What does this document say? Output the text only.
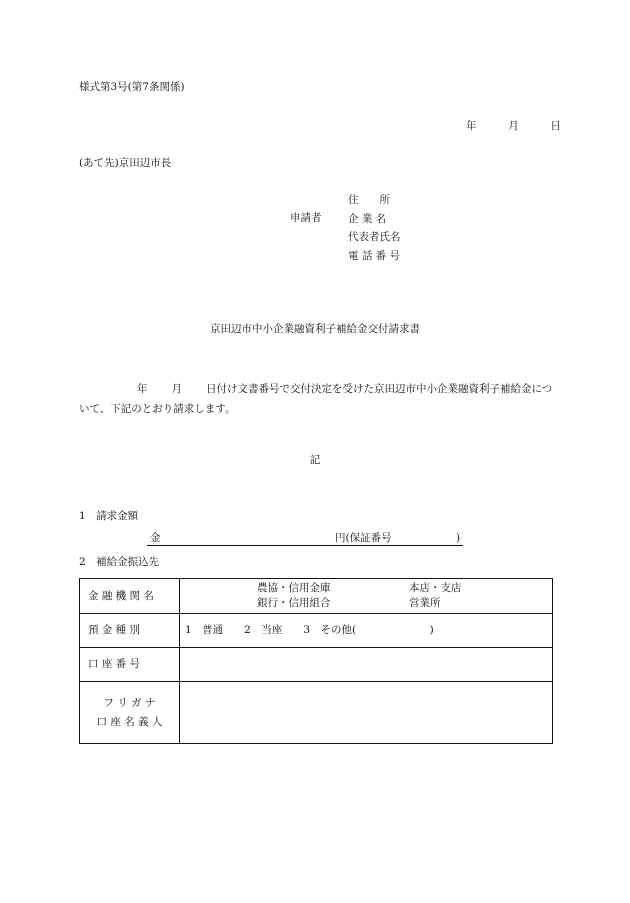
様式第3号(第7条関係)
年	月	日
(あて先)京田辺市長
申請者
住　　所
企 業 名
代表者氏名
電 話 番 号
京田辺市中小企業融資利子補給金交付請求書
年 月 日付け文書番号で交付決定を受けた京田辺市中小企業融資利子補給金について、下記のとおり請求します。
記
1　請求金額
金	円(保証番号	)
2　補給金振込先
金 融 機 関 名	農協・信用金庫
銀行・信用組合
本店・支店
営業所

預 金 種 別	1　普通　　2　当座　　3　その他(　　　　　　　)

口 座 番 号	

フ リ ガ ナ
口 座 名 義 人	
